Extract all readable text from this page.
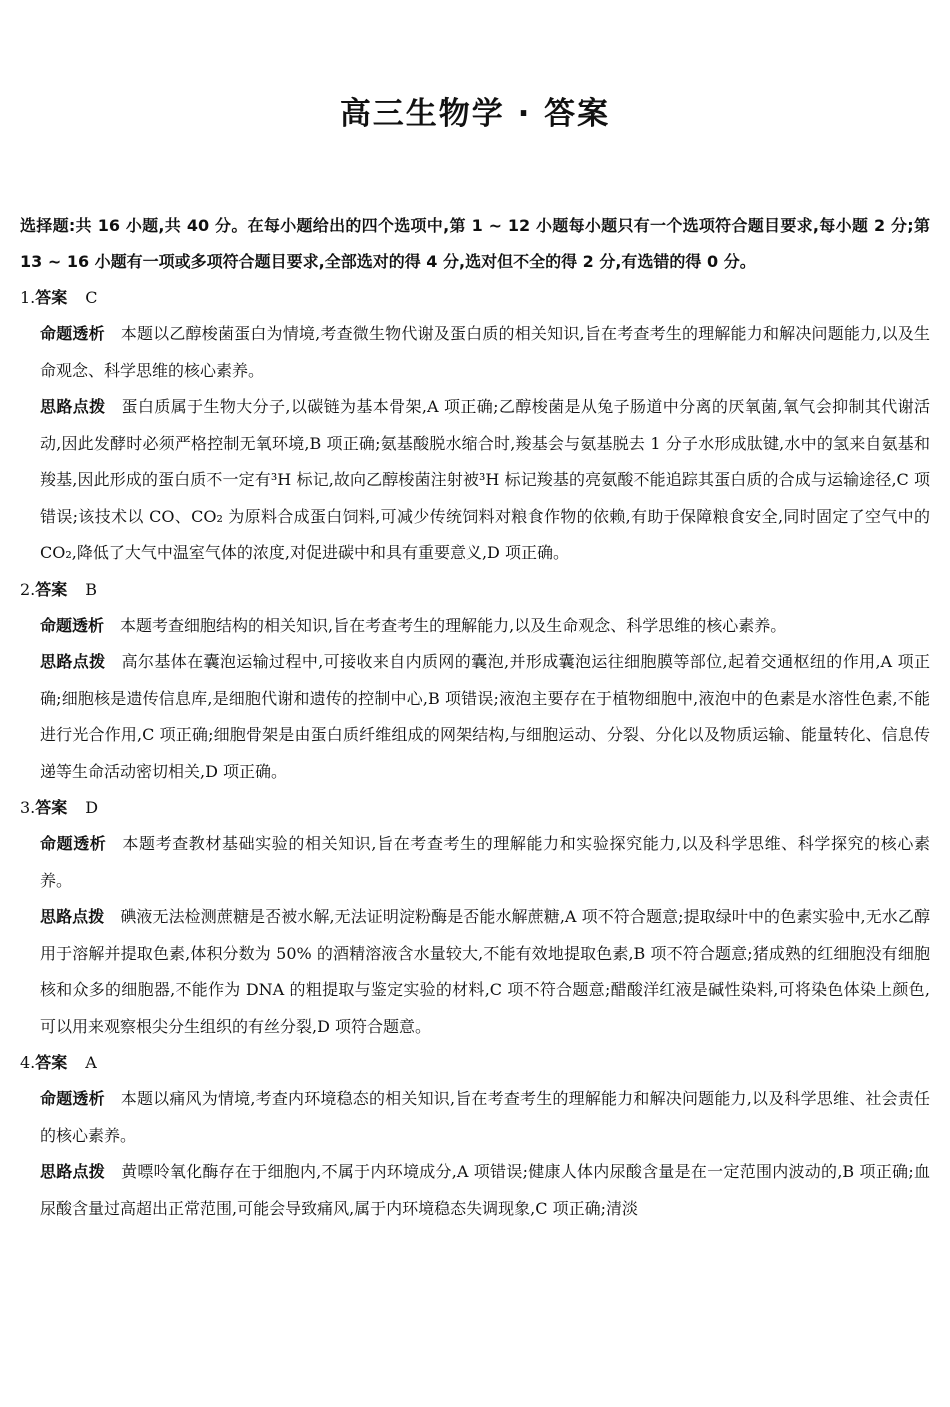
高三生物学 · 答案
选择题:共 16 小题,共 40 分。在每小题给出的四个选项中,第 1 ~ 12 小题每小题只有一个选项符合题目要求,每小题 2 分;第 13 ~ 16 小题有一项或多项符合题目要求,全部选对的得 4 分,选对但不全的得 2 分,有选错的得 0 分。
1.答案 C
命题透析 本题以乙醇梭菌蛋白为情境,考查微生物代谢及蛋白质的相关知识,旨在考查考生的理解能力和解决问题能力,以及生命观念、科学思维的核心素养。
思路点拨 蛋白质属于生物大分子,以碳链为基本骨架,A 项正确;乙醇梭菌是从兔子肠道中分离的厌氧菌,氧气会抑制其代谢活动,因此发酵时必须严格控制无氧环境,B 项正确;氨基酸脱水缩合时,羧基会与氨基脱去 1 分子水形成肽键,水中的氢来自氨基和羧基,因此形成的蛋白质不一定有³H 标记,故向乙醇梭菌注射被³H 标记羧基的亮氨酸不能追踪其蛋白质的合成与运输途径,C 项错误;该技术以 CO、CO₂ 为原料合成蛋白饲料,可减少传统饲料对粮食作物的依赖,有助于保障粮食安全,同时固定了空气中的 CO₂,降低了大气中温室气体的浓度,对促进碳中和具有重要意义,D 项正确。
2.答案 B
命题透析 本题考查细胞结构的相关知识,旨在考查考生的理解能力,以及生命观念、科学思维的核心素养。
思路点拨 高尔基体在囊泡运输过程中,可接收来自内质网的囊泡,并形成囊泡运往细胞膜等部位,起着交通枢纽的作用,A 项正确;细胞核是遗传信息库,是细胞代谢和遗传的控制中心,B 项错误;液泡主要存在于植物细胞中,液泡中的色素是水溶性色素,不能进行光合作用,C 项正确;细胞骨架是由蛋白质纤维组成的网架结构,与细胞运动、分裂、分化以及物质运输、能量转化、信息传递等生命活动密切相关,D 项正确。
3.答案 D
命题透析 本题考查教材基础实验的相关知识,旨在考查考生的理解能力和实验探究能力,以及科学思维、科学探究的核心素养。
思路点拨 碘液无法检测蔗糖是否被水解,无法证明淀粉酶是否能水解蔗糖,A 项不符合题意;提取绿叶中的色素实验中,无水乙醇用于溶解并提取色素,体积分数为 50% 的酒精溶液含水量较大,不能有效地提取色素,B 项不符合题意;猪成熟的红细胞没有细胞核和众多的细胞器,不能作为 DNA 的粗提取与鉴定实验的材料,C 项不符合题意;醋酸洋红液是碱性染料,可将染色体染上颜色,可以用来观察根尖分生组织的有丝分裂,D 项符合题意。
4.答案 A
命题透析 本题以痛风为情境,考查内环境稳态的相关知识,旨在考查考生的理解能力和解决问题能力,以及科学思维、社会责任的核心素养。
思路点拨 黄嘌呤氧化酶存在于细胞内,不属于内环境成分,A 项错误;健康人体内尿酸含量是在一定范围内波动的,B 项正确;血尿酸含量过高超出正常范围,可能会导致痛风,属于内环境稳态失调现象,C 项正确;清淡
